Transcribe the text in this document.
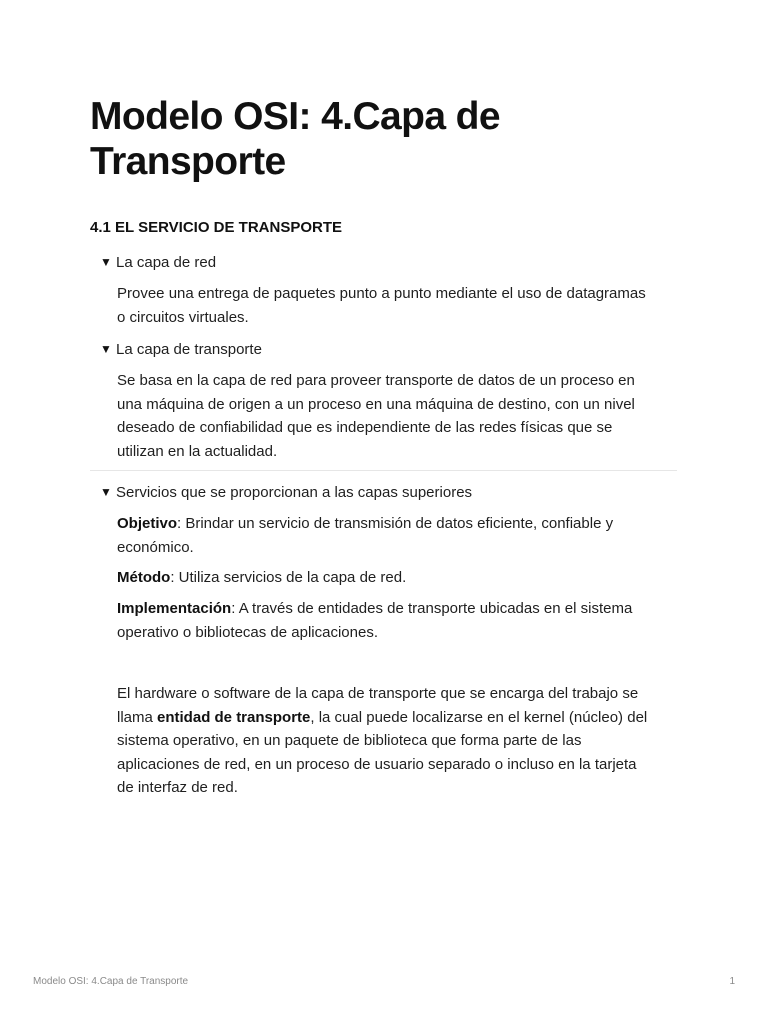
Modelo OSI: 4.Capa de Transporte
4.1 EL SERVICIO DE TRANSPORTE
▼ La capa de red

Provee una entrega de paquetes punto a punto mediante el uso de datagramas o circuitos virtuales.

▼ La capa de transporte

Se basa en la capa de red para proveer transporte de datos de un proceso en una máquina de origen a un proceso en una máquina de destino, con un nivel deseado de confiabilidad que es independiente de las redes físicas que se utilizan en la actualidad.

▼ Servicios que se proporcionan a las capas superiores

Objetivo: Brindar un servicio de transmisión de datos eficiente, confiable y económico.

Método: Utiliza servicios de la capa de red.

Implementación: A través de entidades de transporte ubicadas en el sistema operativo o bibliotecas de aplicaciones.

El hardware o software de la capa de transporte que se encarga del trabajo se llama entidad de transporte, la cual puede localizarse en el kernel (núcleo) del sistema operativo, en un paquete de biblioteca que forma parte de las aplicaciones de red, en un proceso de usuario separado o incluso en la tarjeta de interfaz de red.

Modelo OSI: 4.Capa de Transporte	1
